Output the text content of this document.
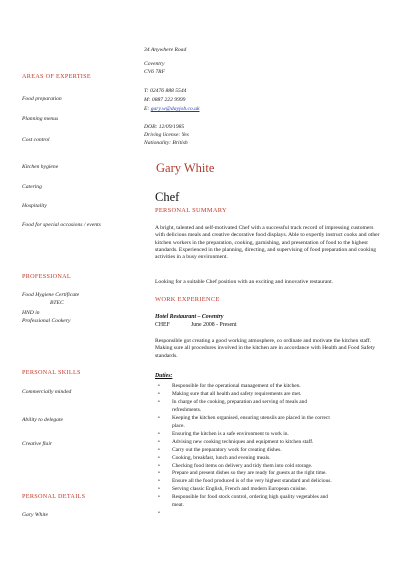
AREAS OF EXPERTISE
Food preparation
Planning menus
Cost control
Kitchen hygiene
Catering
Hospitality
Food for special occasions / events
PROFESSIONAL
Food Hygiene Certificate
BTEC
HND in
Professional Cookery
PERSONAL SKILLS
Commercially minded
Ability to delegate
Creative flair
PERSONAL DETAILS
Gary White
34 Anywhere Road
Coventry
CV6 7RF
T: 02476 888 5544
M: 0887 222 9999
E: gary.w@dayjob.co.uk
DOB: 12/09/1985
Driving license: Yes
Nationality: British
Gary White
Chef
PERSONAL SUMMARY
A bright, talented and self-motivated Chef with a successful track record of impressing customers with delicious meals and creative decorative food displays. Able to expertly instruct cooks and other kitchen workers in the preparation, cooking, garnishing, and presentation of food to the highest standards. Experienced in the planning, directing, and supervising of food preparation and cooking activities in a busy environment.
Looking for a suitable Chef position with an exciting and innovative restaurant.
WORK EXPERIENCE
Hotel Restaurant – Coventry
CHEF	June 2008 - Present
Responsible got creating a good working atmosphere, co ordinate and motivate the kitchen staff. Making sure all procedures involved in the kitchen are in accordance with Health and Food Safety standards.
Duties:
• Responsible for the operational management of the kitchen.
• Making sure that all health and safety requirements are met.
• In charge of the cooking, preparation and serving of meals and
refreshments.
• Keeping the kitchen organised, ensuring utensils are placed in the correct
place.
• Ensuring the kitchen is a safe environment to work in.
• Advising new cooking techniques and equipment to kitchen staff.
• Carry out the preparatory work for creating dishes.
• Cooking, breakfast, lunch and evening meals.
• Checking food items on delivery and tidy them into cold storage.
• Prepare and present dishes so they are ready for guests at the right time.
• Ensure all the food produced is of the very highest standard and delicious.
• Serving classic English, French and modern European cuisine.
• Responsible for food stock control, ordering high quality vegetables and
meat.
•
